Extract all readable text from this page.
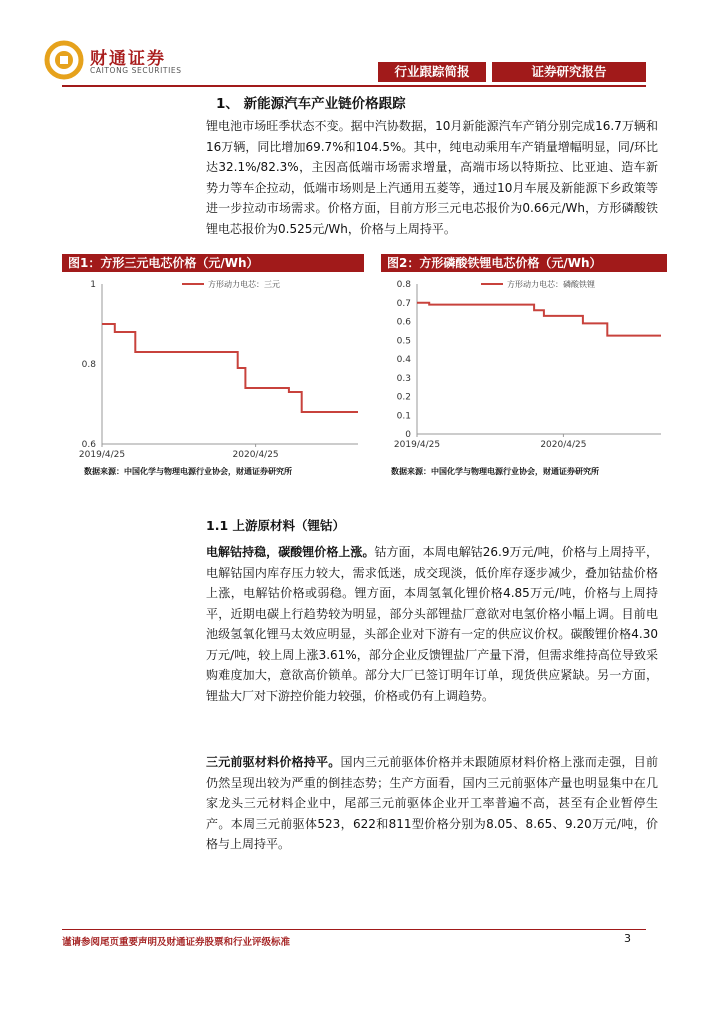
财通证券
CAITONG SECURITIES	行业跟踪简报	证券研究报告
1、 新能源汽车产业链价格跟踪

锂电池市场旺季状态不变。据中汽协数据，10月新能源汽车产销分别完成16.7万辆和16万辆，同比增加69.7%和104.5%。其中，纯电动乘用车产销量增幅明显，同/环比达32.1%/82.3%，主因高低端市场需求增量，高端市场以特斯拉、比亚迪、造车新势力等车企拉动，低端市场则是上汽通用五菱等，通过10月车展及新能源下乡政策等进一步拉动市场需求。价格方面，目前方形三元电芯报价为0.66元/Wh，方形磷酸铁锂电芯报价为0.525元/Wh，价格与上周持平。

图1：方形三元电芯价格（元/Wh）
1
0.8
0.6
2019/4/25	2020/4/25
方形动力电芯：三元
数据来源：中国化学与物理电源行业协会，财通证券研究所
图2：方形磷酸铁锂电芯价格（元/Wh）
0.8
0.7
0.6
0.5
0.4
0.3
0.2
0.1
0
2019/4/25	2020/4/25
方形动力电芯：磷酸铁锂
数据来源：中国化学与物理电源行业协会，财通证券研究所
1.1 上游原材料（锂钴）

电解钴持稳，碳酸锂价格上涨。钴方面，本周电解钴26.9万元/吨，价格与上周持平，电解钴国内库存压力较大，需求低迷，成交现淡，低价库存逐步减少，叠加钴盐价格上涨，电解钴价格或弱稳。锂方面，本周氢氧化锂价格4.85万元/吨，价格与上周持平，近期电碳上行趋势较为明显，部分头部锂盐厂意欲对电氢价格小幅上调。目前电池级氢氧化锂马太效应明显，头部企业对下游有一定的供应议价权。碳酸锂价格4.30万元/吨，较上周上涨3.61%，部分企业反馈锂盐厂产量下滑，但需求维持高位导致采购难度加大，意欲高价锁单。部分大厂已签订明年订单，现货供应紧缺。另一方面，锂盐大厂对下游控价能力较强，价格或仍有上调趋势。

三元前驱材料价格持平。国内三元前驱体价格并未跟随原材料价格上涨而走强，目前仍然呈现出较为严重的倒挂态势；生产方面看，国内三元前驱体产量也明显集中在几家龙头三元材料企业中，尾部三元前驱体企业开工率普遍不高，甚至有企业暂停生产。本周三元前驱体523，622和811型价格分别为8.05、8.65、9.20万元/吨，价格与上周持平。

谨请参阅尾页重要声明及财通证券股票和行业评级标准	3
